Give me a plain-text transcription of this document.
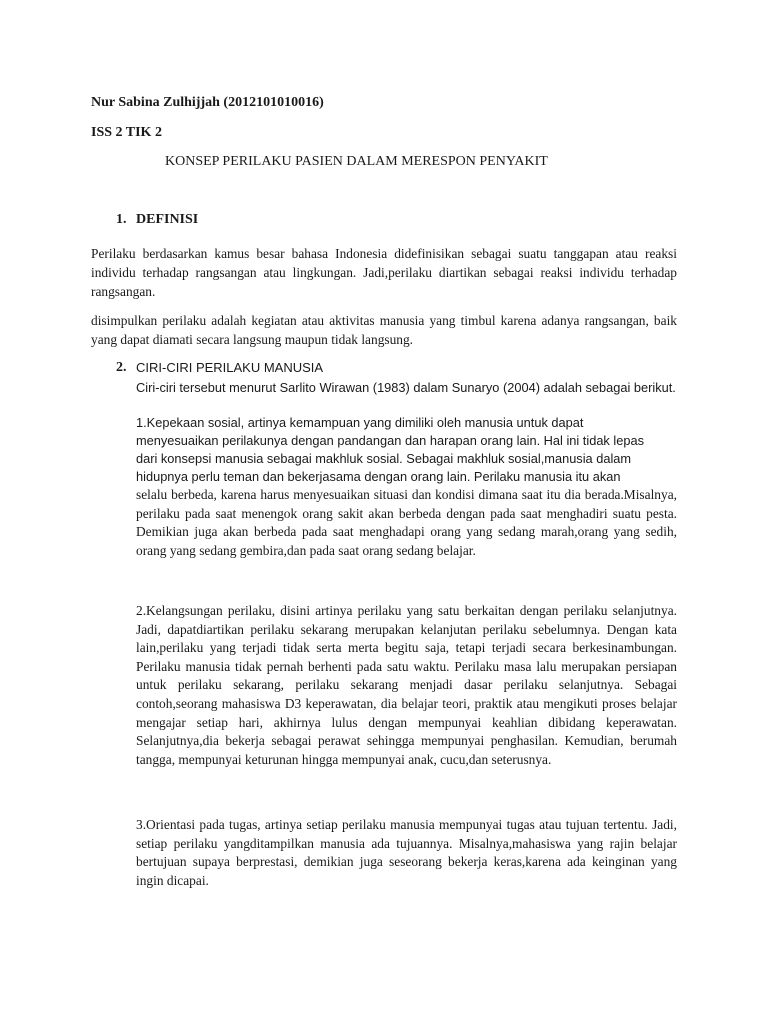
Nur Sabina Zulhijjah (2012101010016)
ISS 2 TIK 2
KONSEP PERILAKU PASIEN DALAM MERESPON PENYAKIT
1. DEFINISI

Perilaku berdasarkan kamus besar bahasa Indonesia didefinisikan sebagai suatu tanggapan atau reaksi individu terhadap rangsangan atau lingkungan. Jadi,perilaku diartikan sebagai reaksi individu terhadap rangsangan.

disimpulkan perilaku adalah kegiatan atau aktivitas manusia yang timbul karena adanya rangsangan, baik yang dapat diamati secara langsung maupun tidak langsung.

2. CIRI-CIRI PERILAKU MANUSIA

Ciri-ciri tersebut menurut Sarlito Wirawan (1983) dalam Sunaryo (2004) adalah sebagai berikut.

1.Kepekaan sosial, artinya kemampuan yang dimiliki oleh manusia untuk dapat menyesuaikan perilakunya dengan pandangan dan harapan orang lain. Hal ini tidak lepas dari konsepsi manusia sebagai makhluk sosial. Sebagai makhluk sosial,manusia dalam hidupnya perlu teman dan bekerjasama dengan orang lain. Perilaku manusia itu akan

selalu berbeda, karena harus menyesuaikan situasi dan kondisi dimana saat itu dia berada.Misalnya, perilaku pada saat menengok orang sakit akan berbeda dengan pada saat menghadiri suatu pesta. Demikian juga akan berbeda pada saat menghadapi orang yang sedang marah,orang yang sedih, orang yang sedang gembira,dan pada saat orang sedang belajar.

2.Kelangsungan perilaku, disini artinya perilaku yang satu berkaitan dengan perilaku selanjutnya. Jadi, dapatdiartikan perilaku sekarang merupakan kelanjutan perilaku sebelumnya. Dengan kata lain,perilaku yang terjadi tidak serta merta begitu saja, tetapi terjadi secara berkesinambungan. Perilaku manusia tidak pernah berhenti pada satu waktu. Perilaku masa lalu merupakan persiapan untuk perilaku sekarang, perilaku sekarang menjadi dasar perilaku selanjutnya. Sebagai contoh,seorang mahasiswa D3 keperawatan, dia belajar teori, praktik atau mengikuti proses belajar mengajar setiap hari, akhirnya lulus dengan mempunyai keahlian dibidang keperawatan. Selanjutnya,dia bekerja sebagai perawat sehingga mempunyai penghasilan. Kemudian, berumah tangga, mempunyai keturunan hingga mempunyai anak, cucu,dan seterusnya.

3.Orientasi pada tugas, artinya setiap perilaku manusia mempunyai tugas atau tujuan tertentu. Jadi, setiap perilaku yangditampilkan manusia ada tujuannya. Misalnya,mahasiswa yang rajin belajar bertujuan supaya berprestasi, demikian juga seseorang bekerja keras,karena ada keinginan yang ingin dicapai.
